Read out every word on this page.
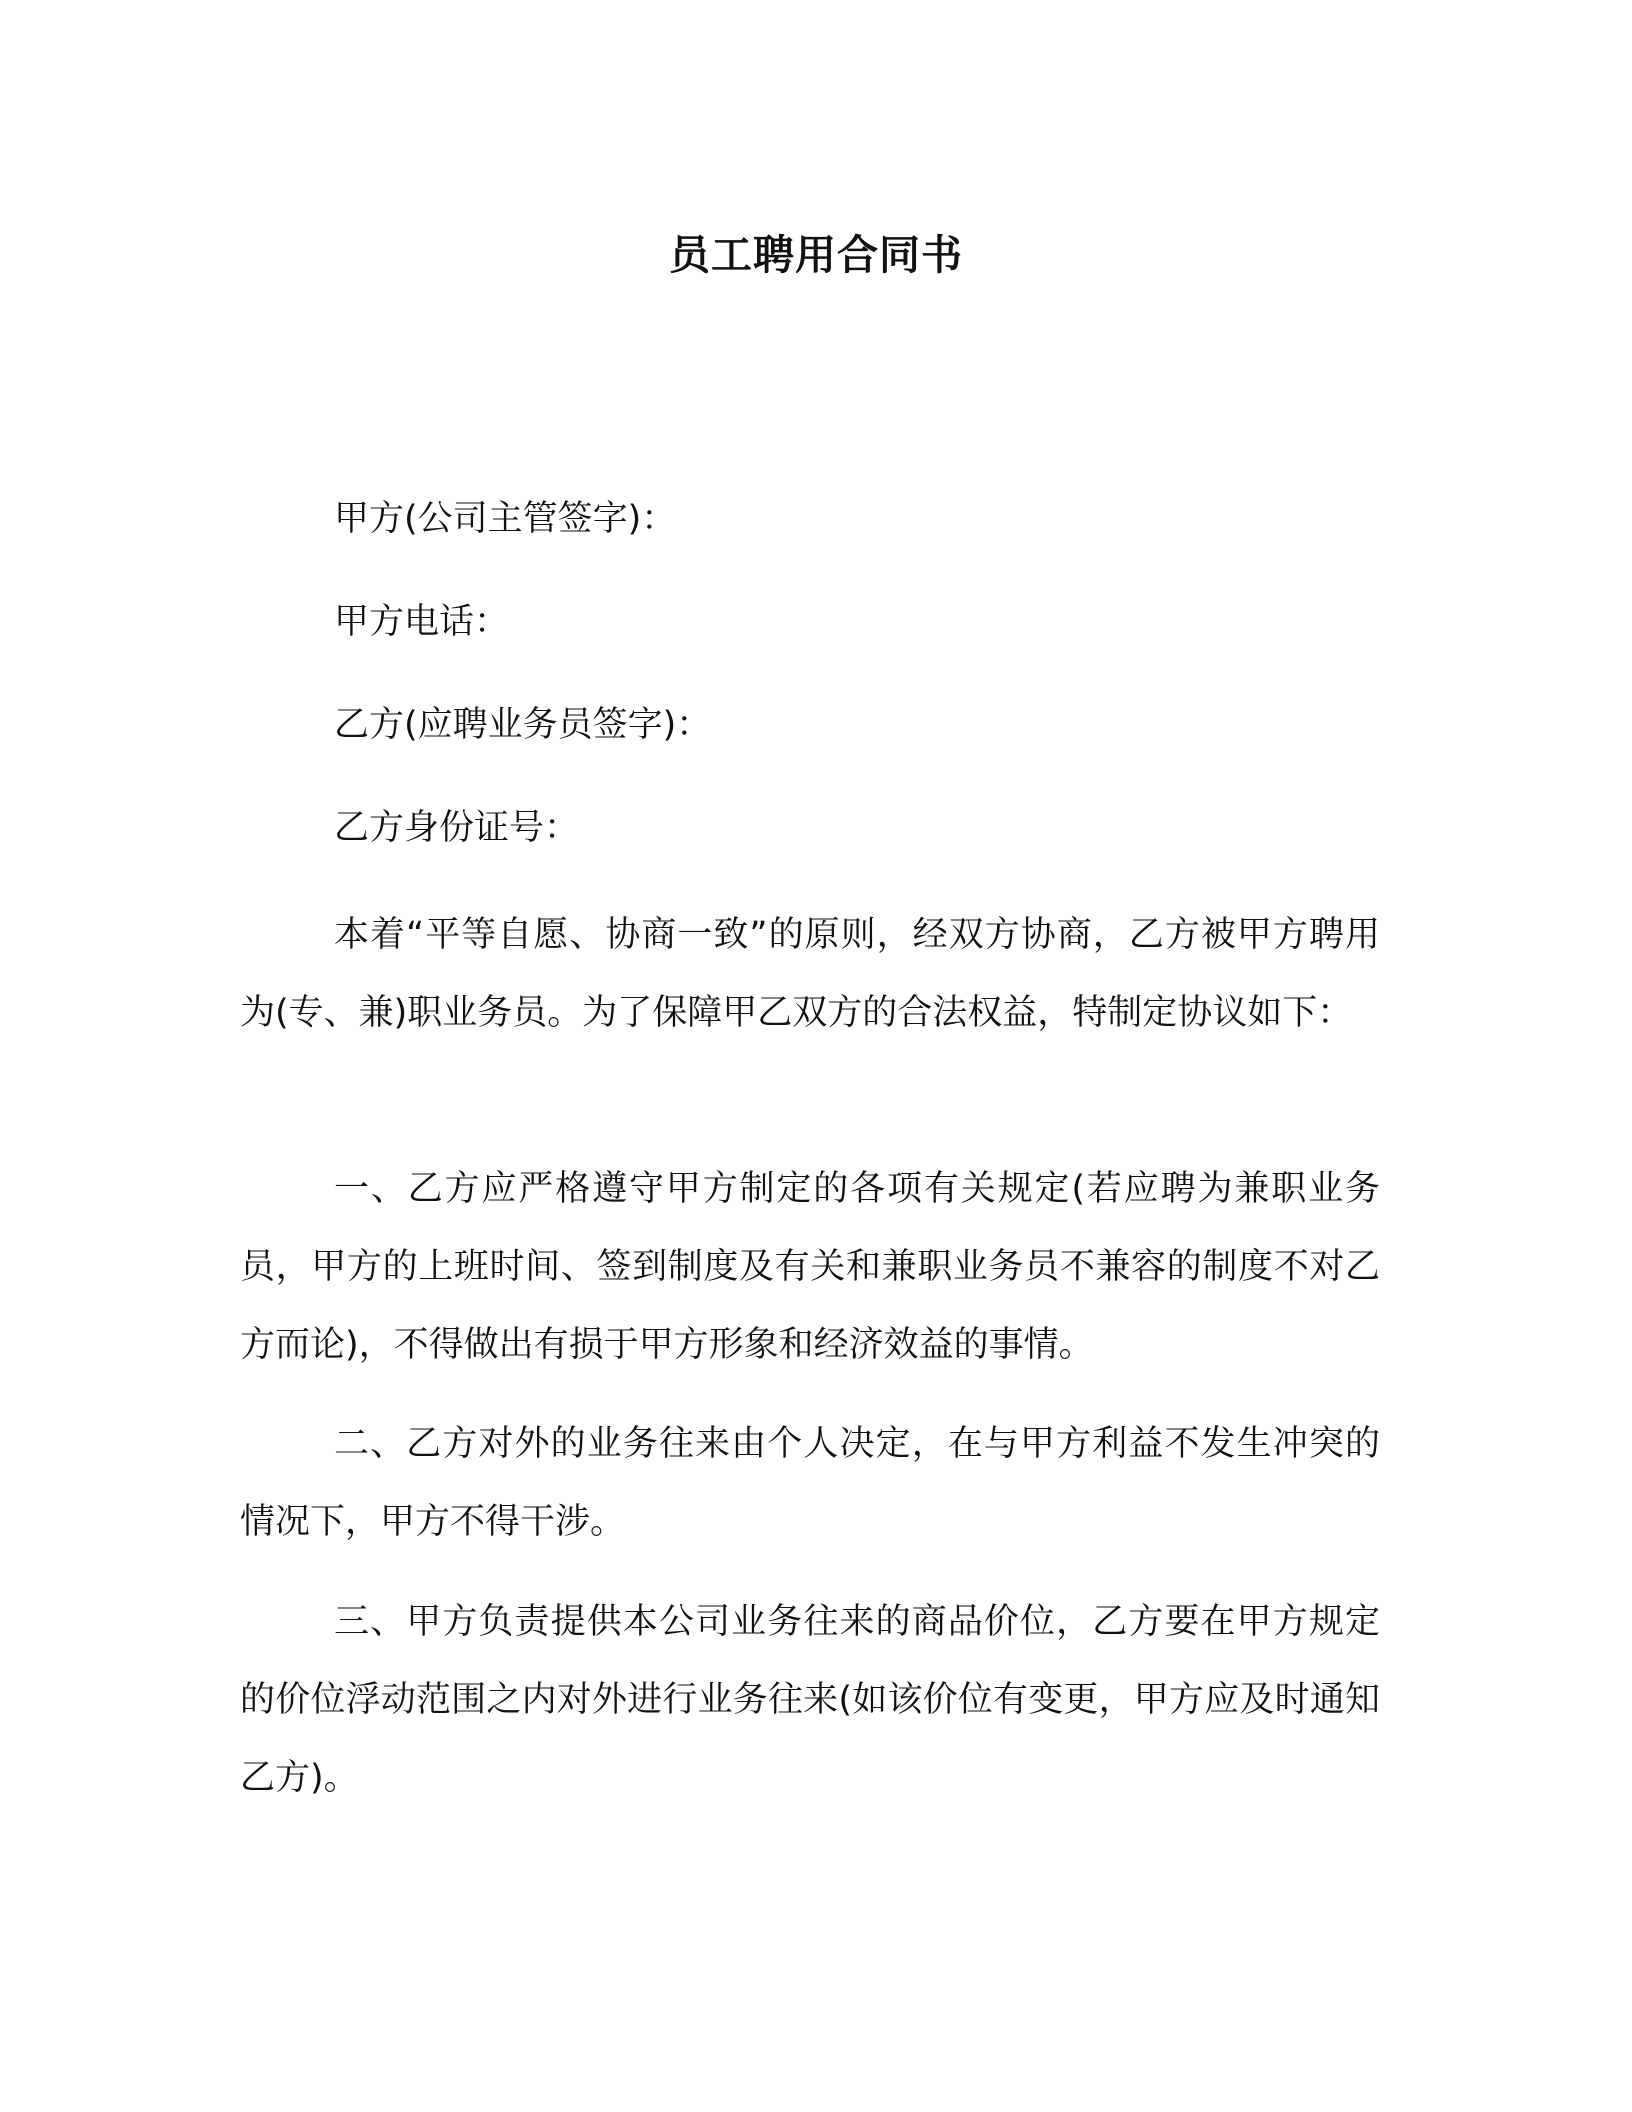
员工聘用合同书

甲方(公司主管签字)：

甲方电话：

乙方(应聘业务员签字)：

乙方身份证号：

本着“平等自愿、协商一致”的原则，经双方协商，乙方被甲方聘用为(专、兼)职业务员。为了保障甲乙双方的合法权益，特制定协议如下：

一、乙方应严格遵守甲方制定的各项有关规定(若应聘为兼职业务员，甲方的上班时间、签到制度及有关和兼职业务员不兼容的制度不对乙方而论)，不得做出有损于甲方形象和经济效益的事情。

二、乙方对外的业务往来由个人决定，在与甲方利益不发生冲突的情况下，甲方不得干涉。

三、甲方负责提供本公司业务往来的商品价位，乙方要在甲方规定的价位浮动范围之内对外进行业务往来(如该价位有变更，甲方应及时通知乙方)。
